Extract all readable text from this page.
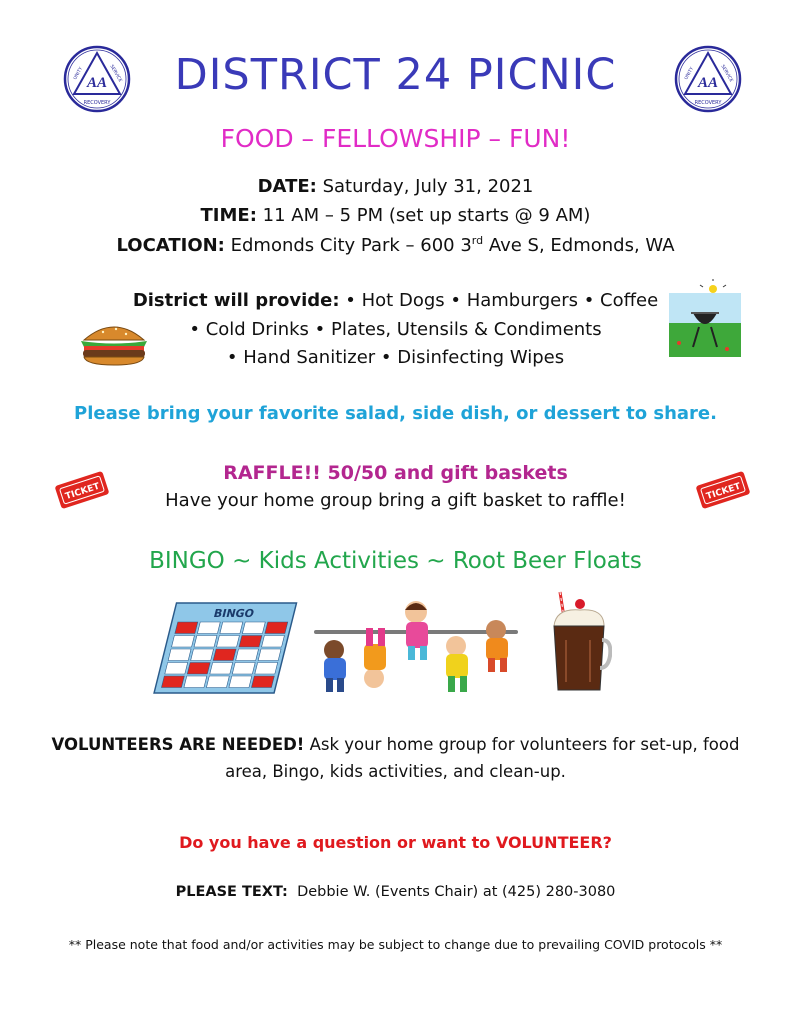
AA
RECOVERY
UNITY	SERVICE	AA
RECOVERY
UNITY	SERVICE
DISTRICT 24 PICNIC
FOOD – FELLOWSHIP – FUN!
DATE: Saturday, July 31, 2021
TIME: 11 AM – 5 PM (set up starts @ 9 AM)
LOCATION: Edmonds City Park – 600 3rd Ave S, Edmonds, WA
District will provide: • Hot Dogs • Hamburgers • Coffee
• Cold Drinks • Plates, Utensils & Condiments
• Hand Sanitizer • Disinfecting Wipes
Please bring your favorite salad, side dish, or dessert to share.
TICKET	TICKET
RAFFLE!! 50/50 and gift baskets
Have your home group bring a gift basket to raffle!
BINGO ~ Kids Activities ~ Root Beer Floats
BINGO
VOLUNTEERS ARE NEEDED! Ask your home group for volunteers for set-up, food
area, Bingo, kids activities, and clean-up.
Do you have a question or want to VOLUNTEER?
PLEASE TEXT: Debbie W. (Events Chair) at (425) 280-3080
** Please note that food and/or activities may be subject to change due to prevailing COVID protocols **
